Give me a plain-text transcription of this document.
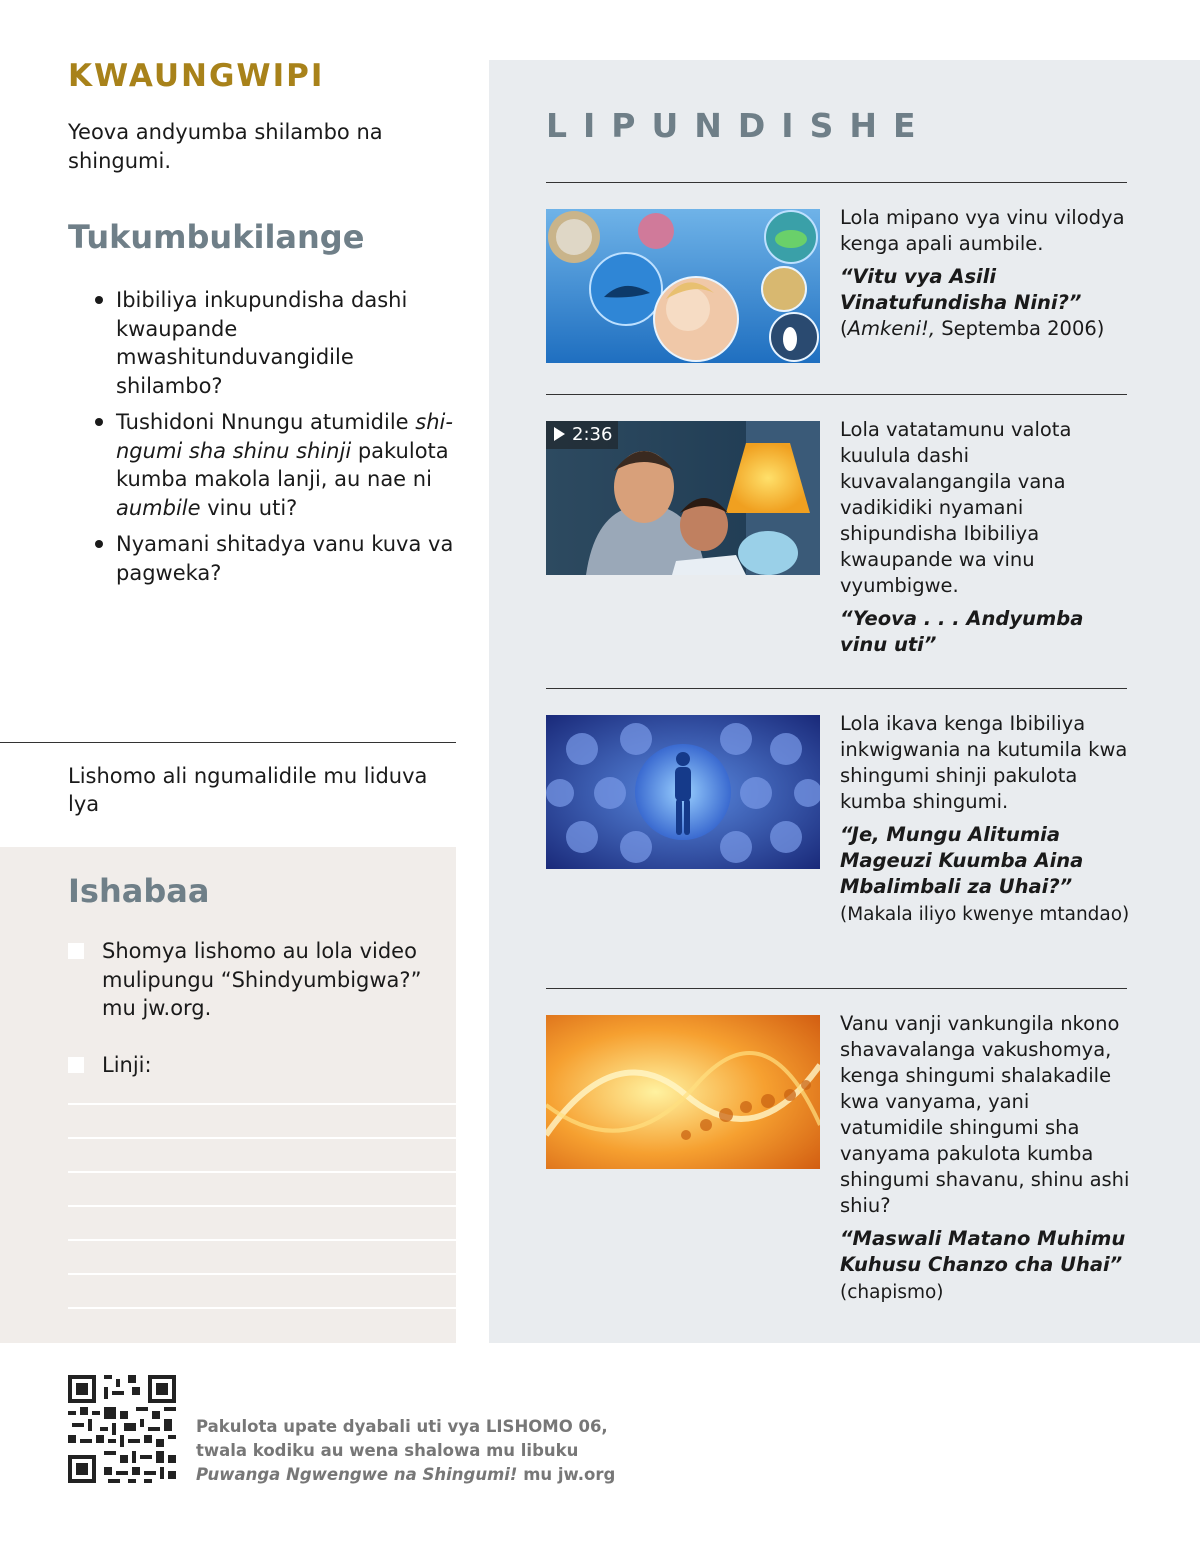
KWAUNGWIPI
Yeova andyumba shilambo na shingumi.
Tukumbukilange
Ibibiliya inkupundisha dashi kwaupande mwashitunduvangidile shilambo?
Tushidoni Nnungu atumidile shingumi sha shinu shinji pakulota kumba makola lanji, au nae ni aumbile vinu uti?
Nyamani shitadya vanu kuva va pagweka?
Lishomo ali ngumalidile mu liduva lya
Ishabaa
Shomya lishomo au lola video mulipungu “Shindyumbigwa?” mu jw.org.
Linji:
LIPUNDISHE

Lola mipano vya vinu vilodya kenga apali aumbile.

“Vitu vya Asili Vinatufundisha Nini?” (Amkeni!, Septemba 2006)

2:36	Lola vatatamunu valota kuulula dashi kuvavalangangila vana vadikidiki nyamani shipundisha Ibibiliya kwaupande wa vinu vyumbigwe.

“Yeova . . . Andyumba vinu uti”

Lola ikava kenga Ibibiliya inkwigwania na kutumila kwa shingumi shinji pakulota kumba shingumi.

“Je, Mungu Alitumia Mageuzi Kuumba Aina Mbalimbali za Uhai?” (Makala iliyo kwenye mtandao)

Vanu vanji vankungila nkono shavavalanga vakushomya, kenga shingumi shalakadile kwa vanyama, yani vatumidile shingumi sha vanyama pakulota kumba shingumi shavanu, shinu ashi shiu?

“Maswali Matano Muhimu Kuhusu Chanzo cha Uhai” (chapismo)

Pakulota upate dyabali uti vya LISHOMO 06,
twala kodiku au wena shalowa mu libuku
Puwanga Ngwengwe na Shingumi! mu jw.org
